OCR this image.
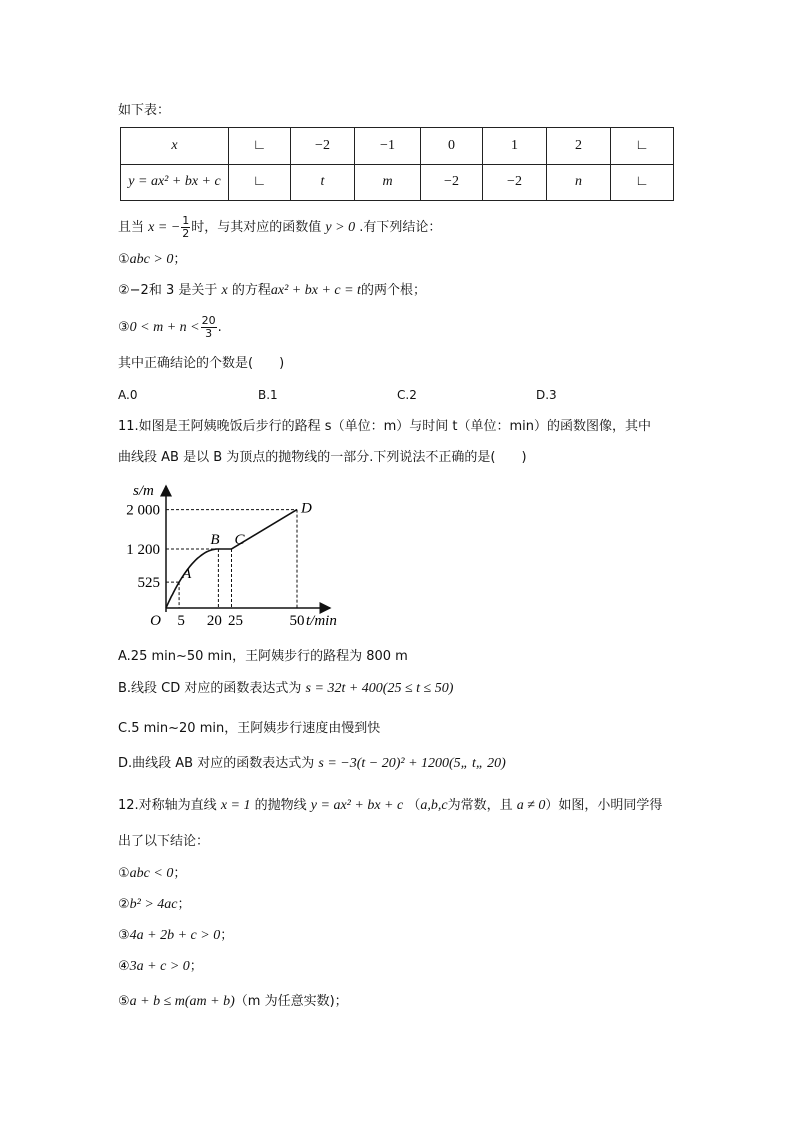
如下表：
x	∟	−2	−1	0	1	2	∟
y = ax² + bx + c	∟	t	m	−2	−2	n	∟
且当 x = − $\frac{1}{2}$ 时，与其对应的函数值 y > 0 .有下列结论：
①abc > 0；
②−2和 3 是关于 x 的方程ax² + bx + c = t的两个根；
③0 < $m + n < \frac{20}{3}$ .
其中正确结论的个数是(　　)
A.0	B.1	C.2	D.3
11.如图是王阿姨晚饭后步行的路程 s（单位：m）与时间 t（单位：min）的函数图像，其中
曲线段 AB 是以 B 为顶点的抛物线的一部分.下列说法不正确的是(　　)
2 000
1 200
525
5 20 25	50
O
s/m
t/min
A
B C
D
A.25 min~50 min，王阿姨步行的路程为 800 m
B.线段 CD 对应的函数表达式为 s = 32t + 400(25 ≤ t ≤ 50)
C.5 min~20 min，王阿姨步行速度由慢到快
D.曲线段 AB 对应的函数表达式为 s = −3(t − 20)² + 1200(5„ t„ 20)
12.对称轴为直线 x = 1 的抛物线 y = ax² + bx + c （a,b,c为常数，且 a ≠ 0）如图，小明同学得
出了以下结论：
①abc < 0；
②b² > 4ac；
③4a + 2b + c > 0；
④3a + c > 0；
⑤a + b ≤ m(am + b)（m 为任意实数)；
